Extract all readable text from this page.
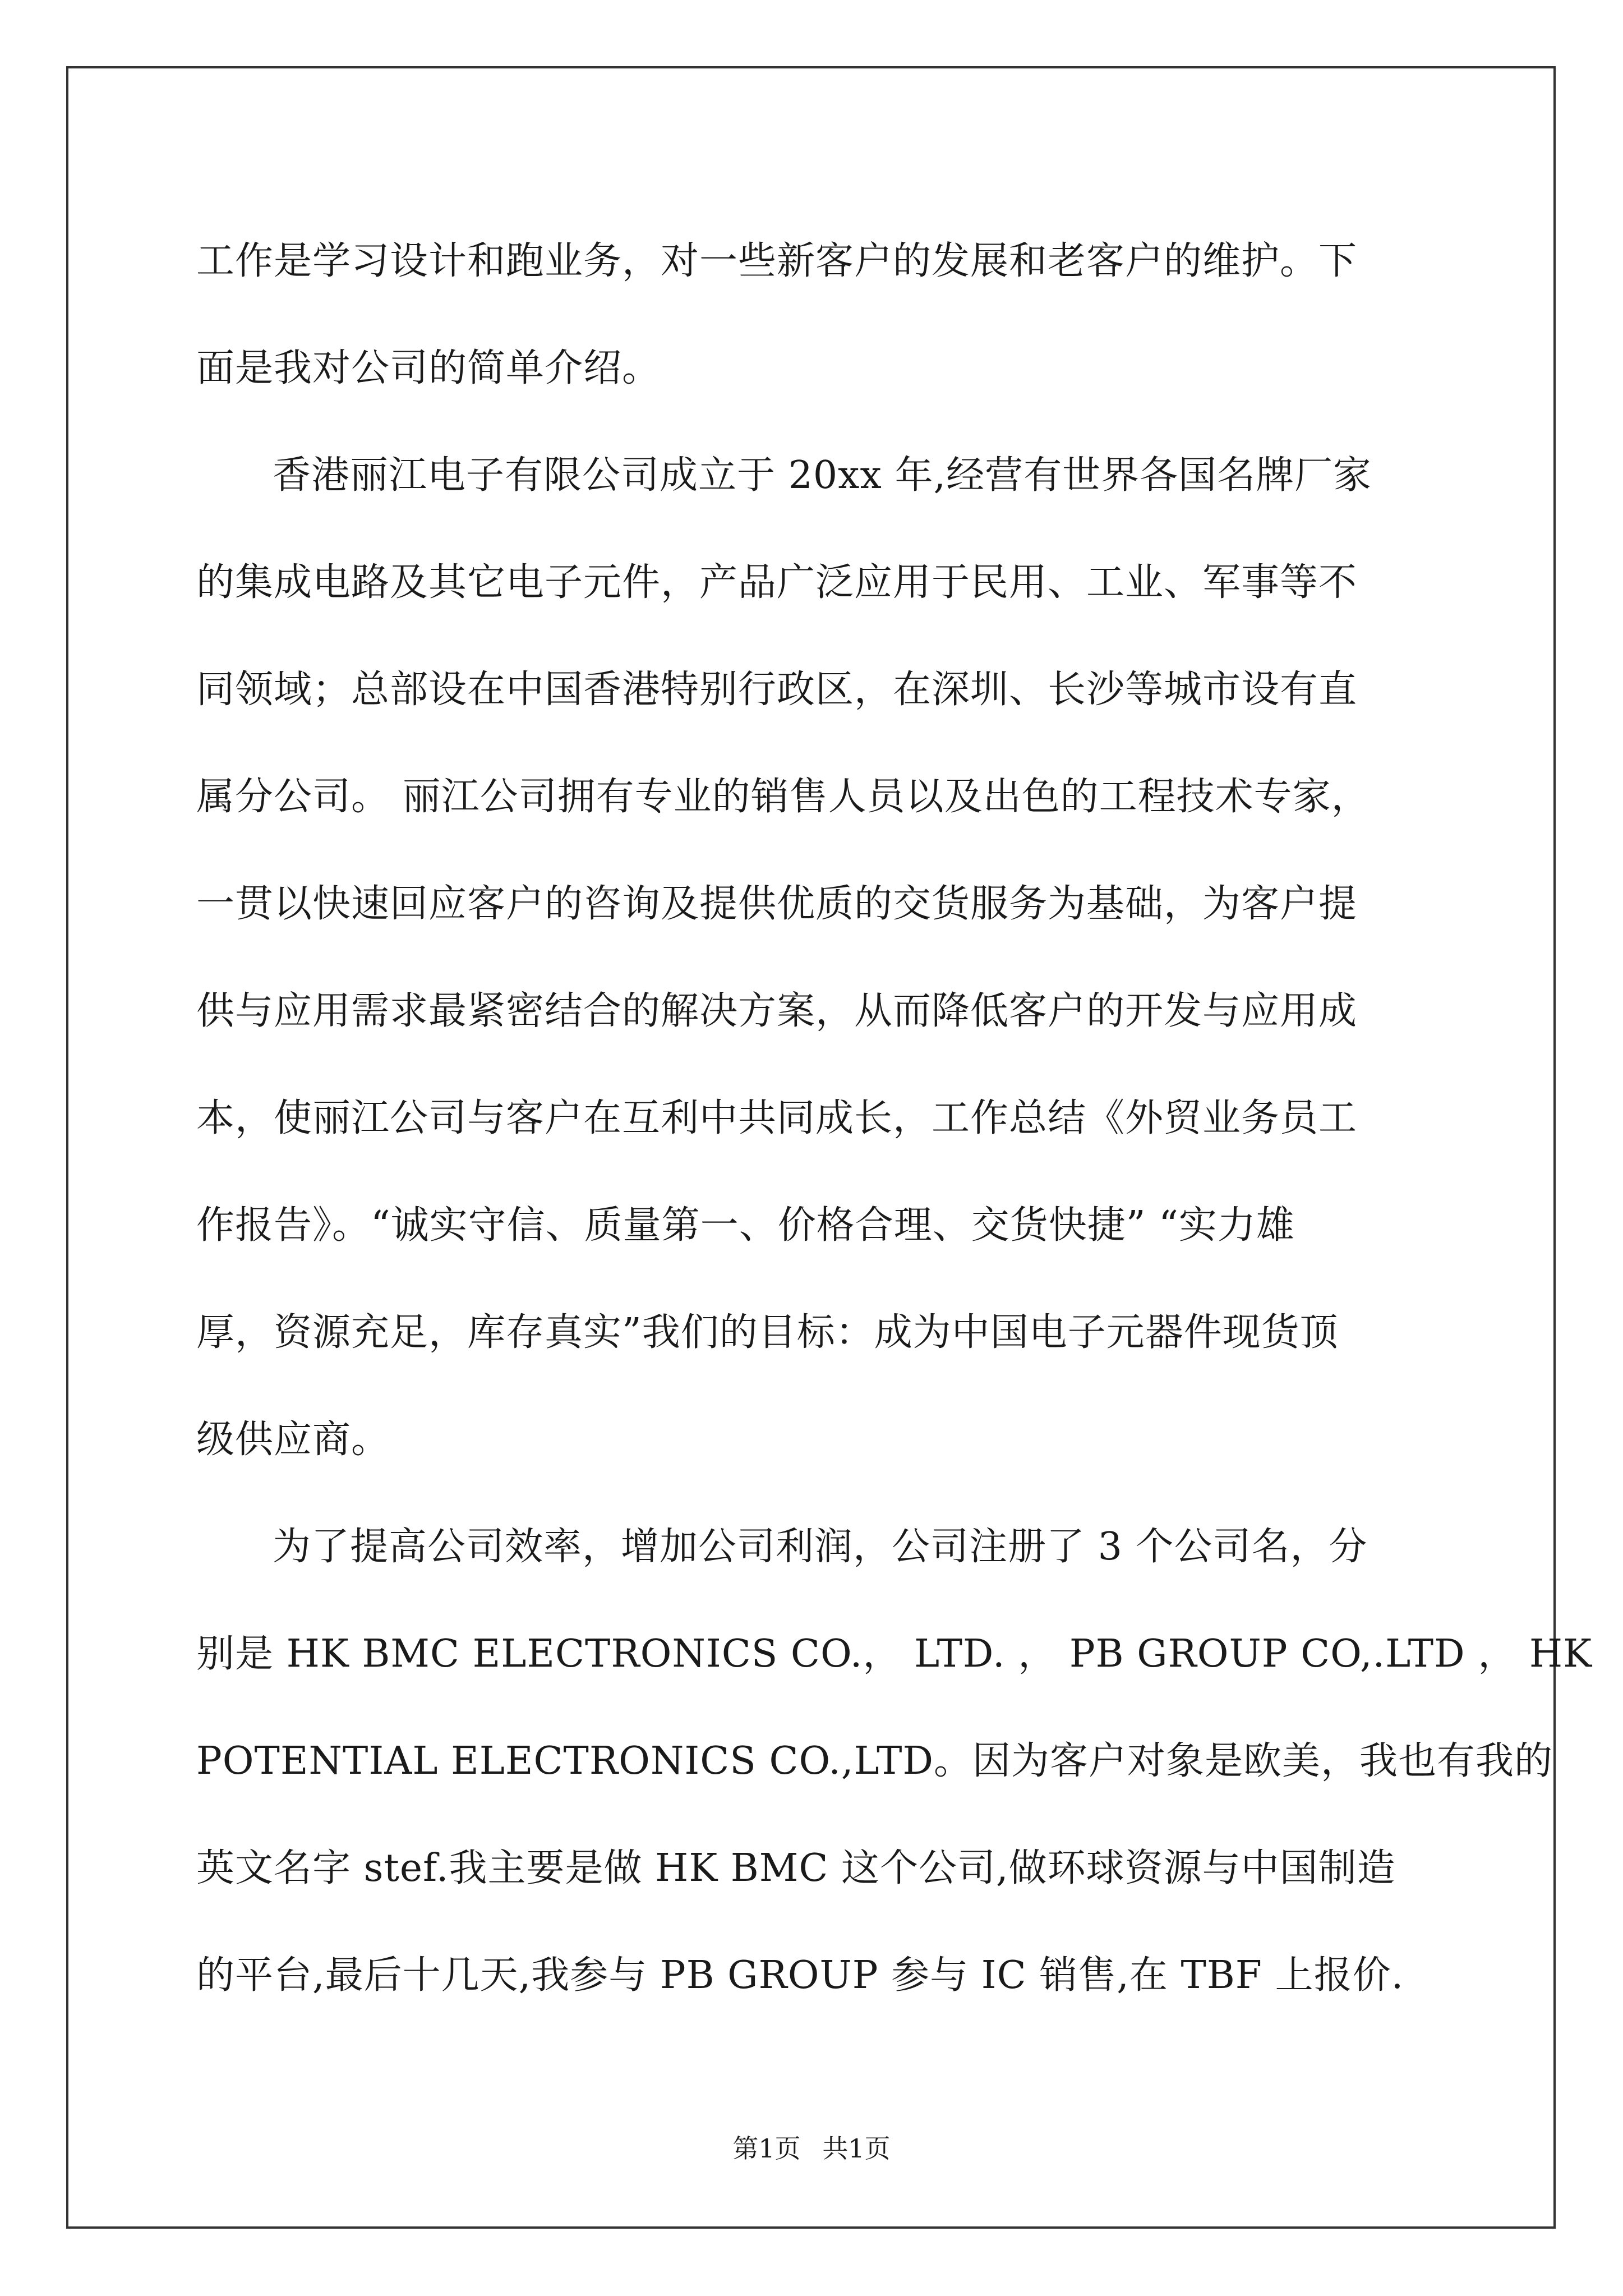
工作是学习设计和跑业务，对一些新客户的发展和老客户的维护。下
面是我对公司的简单介绍。
香港丽江电子有限公司成立于 20xx 年,经营有世界各国名牌厂家
的集成电路及其它电子元件，产品广泛应用于民用、工业、军事等不
同领域；总部设在中国香港特别行政区，在深圳、长沙等城市设有直
属分公司。 丽江公司拥有专业的销售人员以及出色的工程技术专家，
一贯以快速回应客户的咨询及提供优质的交货服务为基础，为客户提
供与应用需求最紧密结合的解决方案，从而降低客户的开发与应用成
本，使丽江公司与客户在互利中共同成长，工作总结《外贸业务员工
作报告》。“诚实守信、质量第一、价格合理、交货快捷” “实力雄
厚，资源充足，库存真实”我们的目标：成为中国电子元器件现货顶
级供应商。
为了提高公司效率，增加公司利润，公司注册了 3 个公司名，分
别是 HK BMC ELECTRONICS CO.， LTD. ， PB GROUP CO,.LTD ， HK
POTENTIAL ELECTRONICS CO.,LTD。因为客户对象是欧美，我也有我的
英文名字 stef.我主要是做 HK BMC 这个公司,做环球资源与中国制造
的平台,最后十几天,我参与 PB GROUP 参与 IC 销售,在 TBF 上报价.
第1页 共1页
